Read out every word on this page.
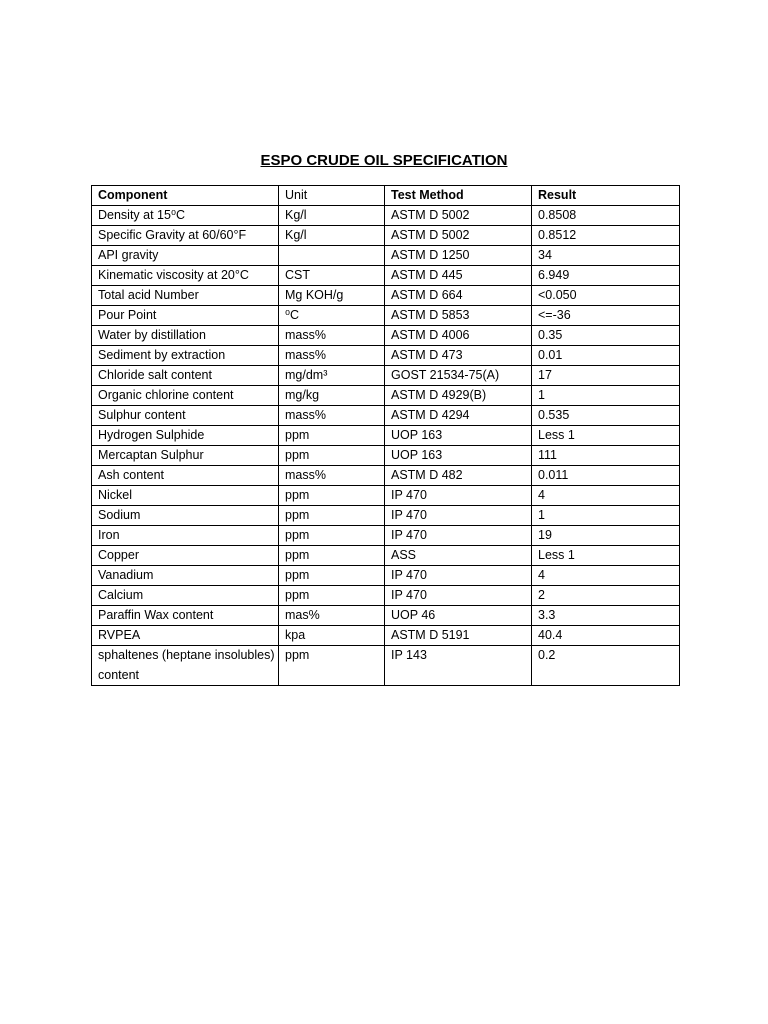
ESPO CRUDE OIL SPECIFICATION
Component	Unit	Test Method	Result
Density at 15⁰C	Kg/l	ASTM D 5002	0.8508
Specific Gravity at 60/60°F	Kg/l	ASTM D 5002	0.8512
API gravity		ASTM D 1250	34
Kinematic viscosity at 20°C	CST	ASTM D 445	6.949
Total acid Number	Mg KOH/g	ASTM D 664	<0.050
Pour Point	⁰C	ASTM D 5853	<=-36
Water by distillation	mass%	ASTM D 4006	0.35
Sediment by extraction	mass%	ASTM D 473	0.01
Chloride salt content	mg/dm³	GOST 21534-75(A)	17
Organic chlorine content	mg/kg	ASTM D 4929(B)	1
Sulphur content	mass%	ASTM D 4294	0.535
Hydrogen Sulphide	ppm	UOP 163	Less 1
Mercaptan Sulphur	ppm	UOP 163	111
Ash content	mass%	ASTM D 482	0.011
Nickel	ppm	IP 470	4
Sodium	ppm	IP 470	1
Iron	ppm	IP 470	19
Copper	ppm	ASS	Less 1
Vanadium	ppm	IP 470	4
Calcium	ppm	IP 470	2
Paraffin Wax content	mas%	UOP 46	3.3
RVPEA	kpa	ASTM D 5191	40.4
sphaltenes (heptane insolubles) content	ppm	IP 143	0.2
